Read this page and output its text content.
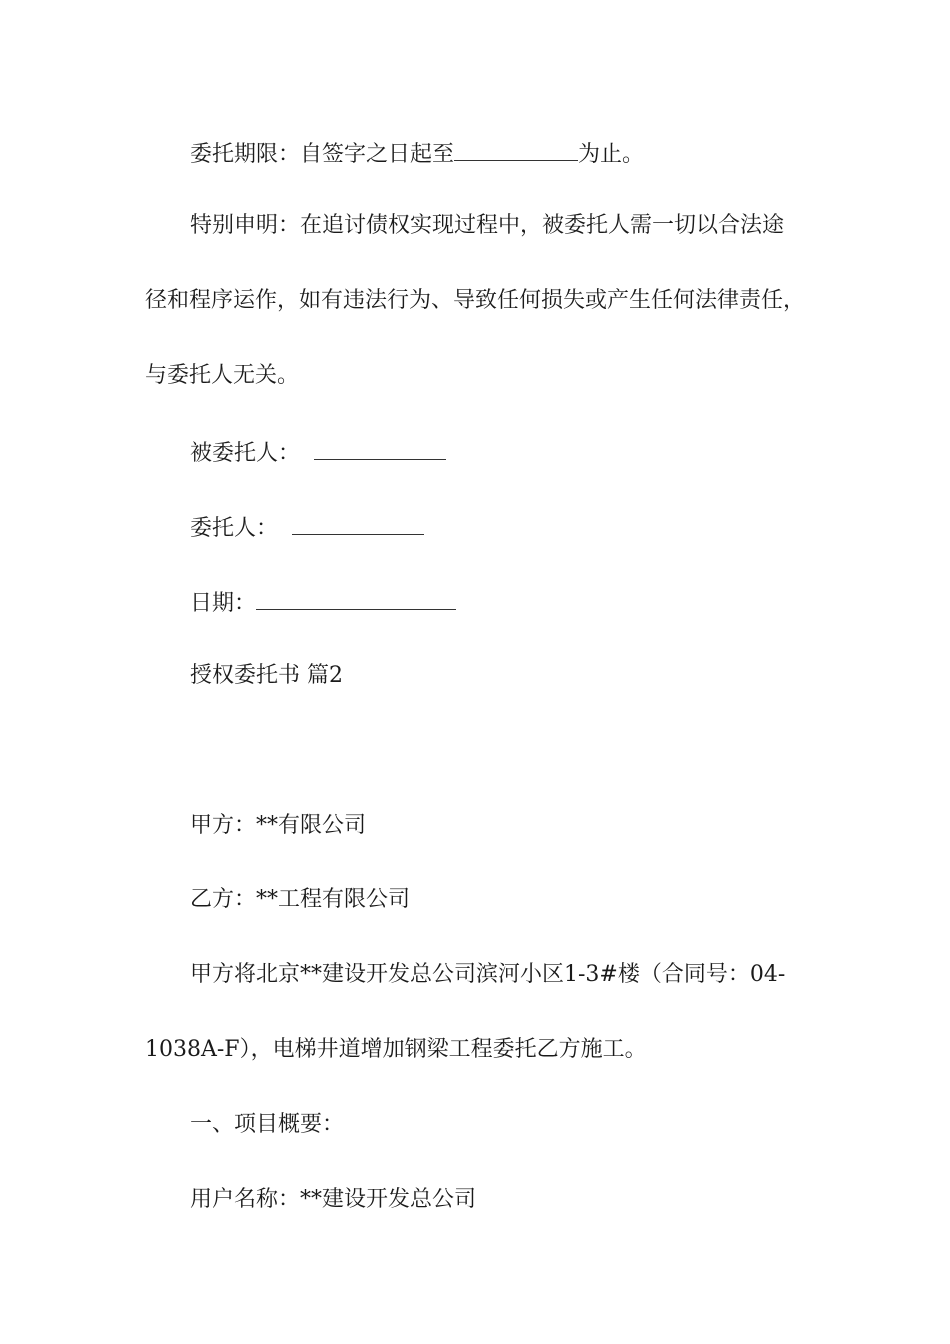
委托期限：自签字之日起至	为止。
特别申明：在追讨债权实现过程中，被委托人需一切以合法途
径和程序运作，如有违法行为、导致任何损失或产生任何法律责任，
与委托人无关。
被委托人：
委托人：
日期：
授权委托书 篇2
甲方：**有限公司
乙方：**工程有限公司
甲方将北京**建设开发总公司滨河小区1-3#楼（合同号：04-
1038A-F），电梯井道增加钢梁工程委托乙方施工。
一、项目概要：
用户名称：**建设开发总公司
